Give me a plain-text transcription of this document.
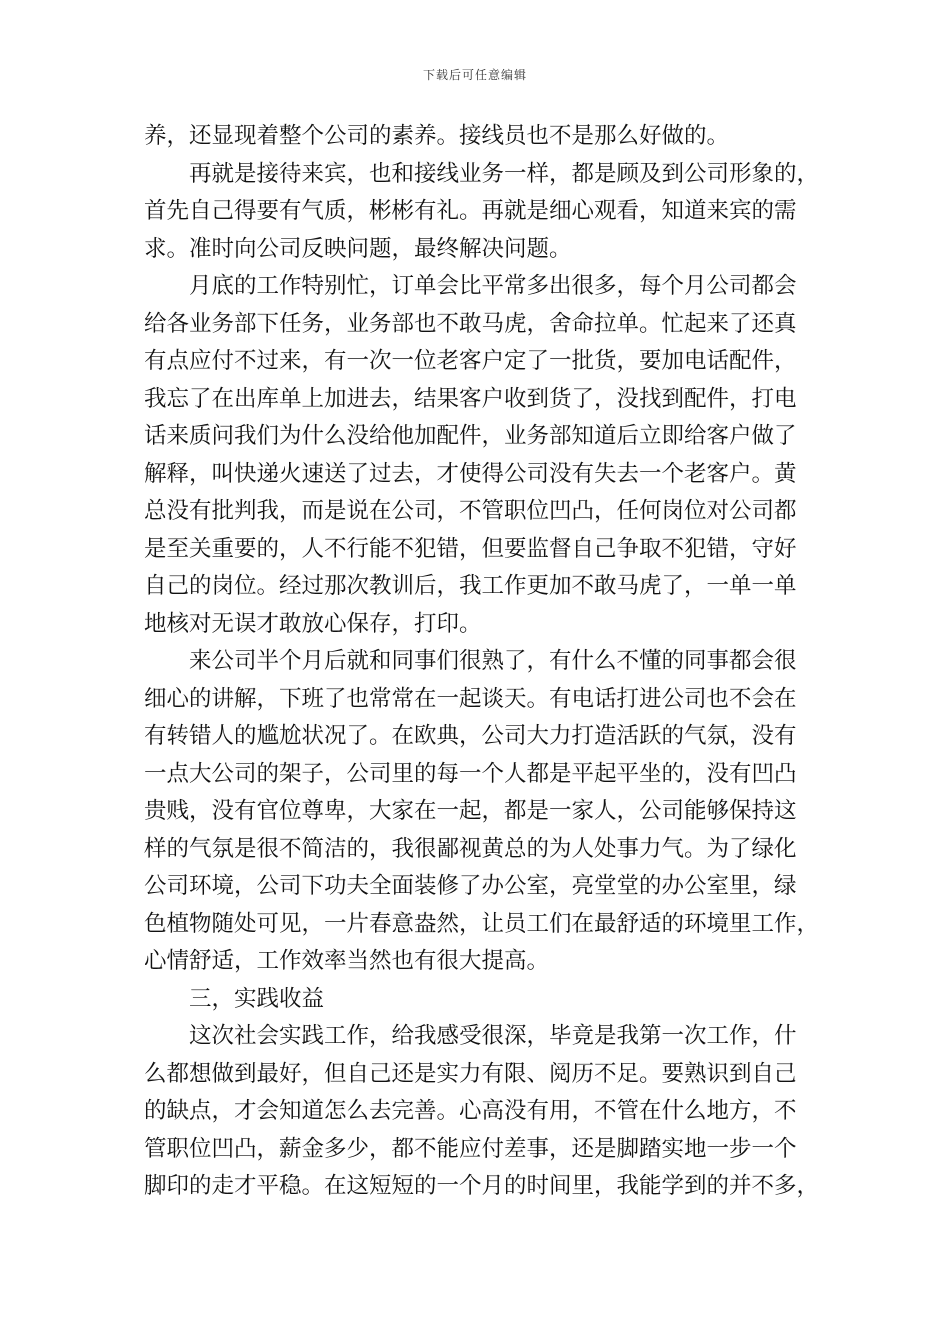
下载后可任意编辑
养，还显现着整个公司的素养。接线员也不是那么好做的。
再就是接待来宾，也和接线业务一样，都是顾及到公司形象的，
首先自己得要有气质，彬彬有礼。再就是细心观看，知道来宾的需
求。准时向公司反映问题，最终解决问题。
月底的工作特别忙，订单会比平常多出很多，每个月公司都会
给各业务部下任务，业务部也不敢马虎，舍命拉单。忙起来了还真
有点应付不过来，有一次一位老客户定了一批货，要加电话配件，
我忘了在出库单上加进去，结果客户收到货了，没找到配件，打电
话来质问我们为什么没给他加配件，业务部知道后立即给客户做了
解释，叫快递火速送了过去，才使得公司没有失去一个老客户。黄
总没有批判我，而是说在公司，不管职位凹凸，任何岗位对公司都
是至关重要的，人不行能不犯错，但要监督自己争取不犯错，守好
自己的岗位。经过那次教训后，我工作更加不敢马虎了，一单一单
地核对无误才敢放心保存，打印。
来公司半个月后就和同事们很熟了，有什么不懂的同事都会很
细心的讲解，下班了也常常在一起谈天。有电话打进公司也不会在
有转错人的尴尬状况了。在欧典，公司大力打造活跃的气氛，没有
一点大公司的架子，公司里的每一个人都是平起平坐的，没有凹凸
贵贱，没有官位尊卑，大家在一起，都是一家人，公司能够保持这
样的气氛是很不简洁的，我很鄙视黄总的为人处事力气。为了绿化
公司环境，公司下功夫全面装修了办公室，亮堂堂的办公室里，绿
色植物随处可见，一片春意盎然，让员工们在最舒适的环境里工作，
心情舒适，工作效率当然也有很大提高。
三，实践收益
这次社会实践工作，给我感受很深，毕竟是我第一次工作，什
么都想做到最好，但自己还是实力有限、阅历不足。要熟识到自己
的缺点，才会知道怎么去完善。心高没有用，不管在什么地方，不
管职位凹凸，薪金多少，都不能应付差事，还是脚踏实地一步一个
脚印的走才平稳。在这短短的一个月的时间里，我能学到的并不多，
